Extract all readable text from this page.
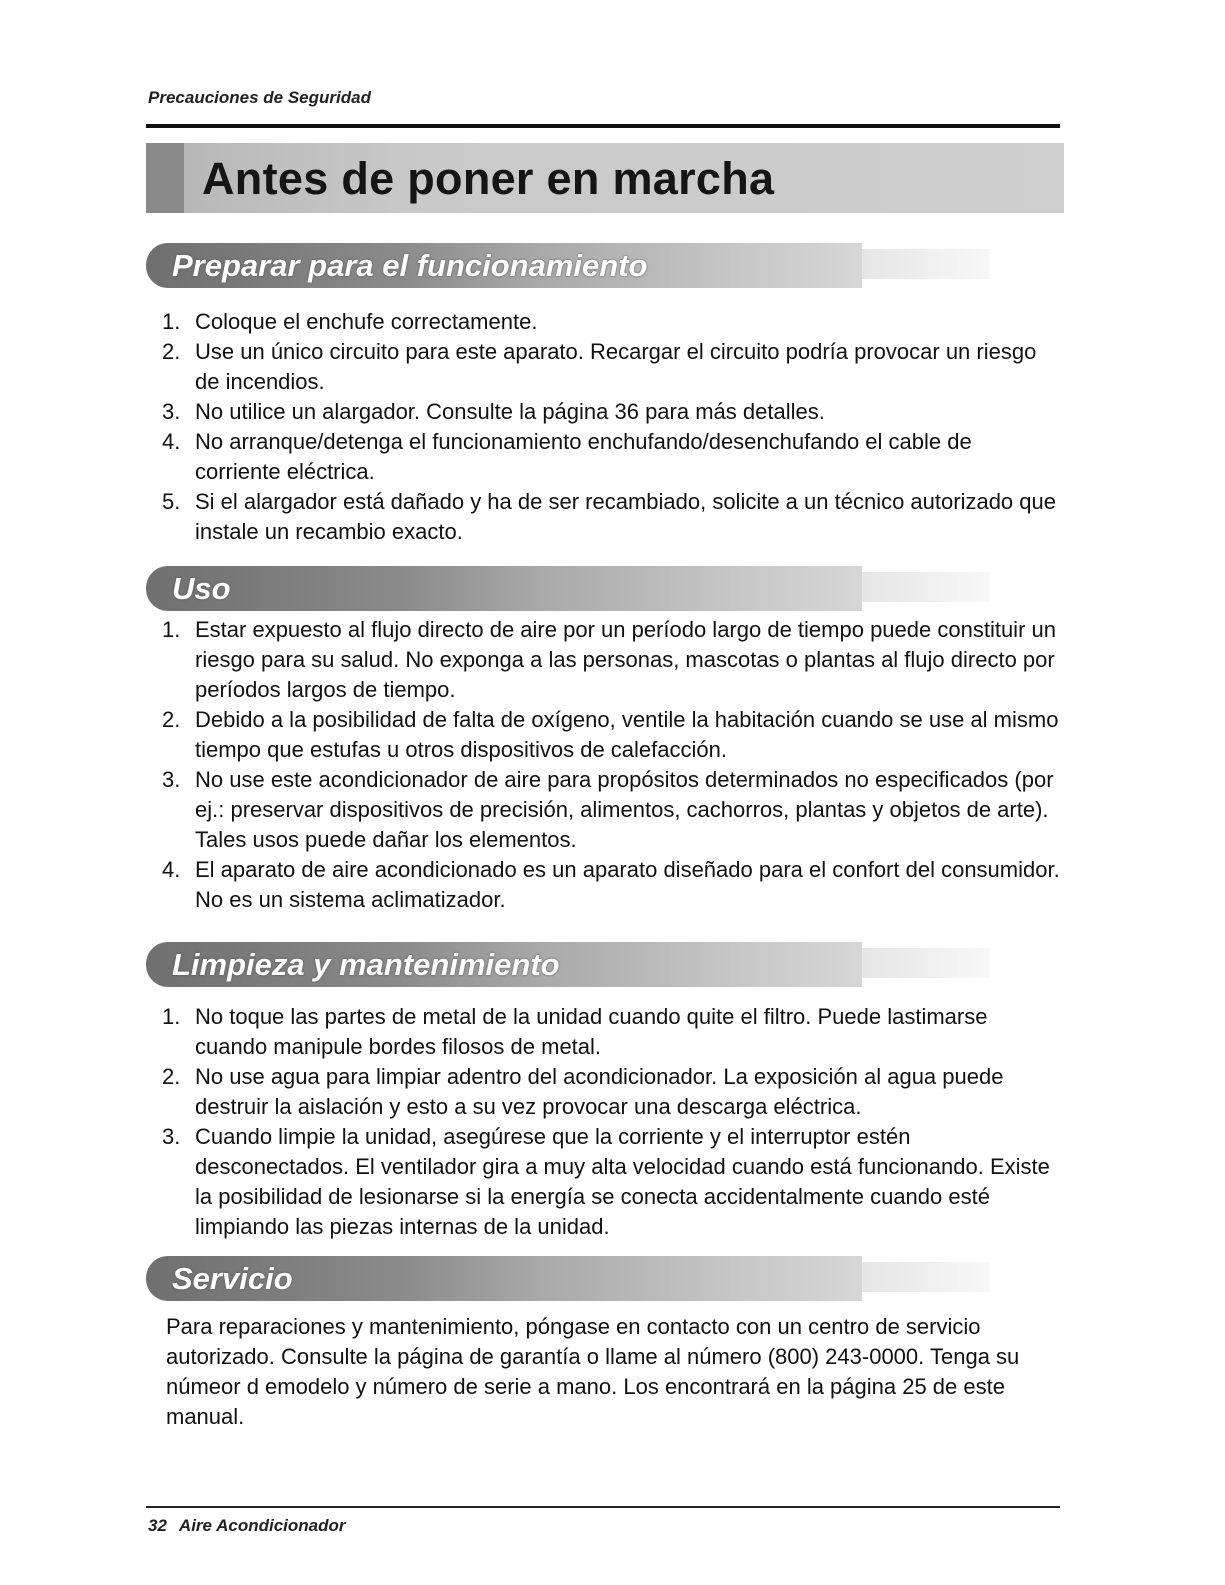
Precauciones de Seguridad
Antes de poner en marcha
Preparar para el funcionamiento
1. Coloque el enchufe correctamente.
2. Use un único circuito para este aparato. Recargar el circuito podría provocar un riesgo de incendios.
3. No utilice un alargador. Consulte la página 36 para más detalles.
4. No arranque/detenga el funcionamiento enchufando/desenchufando el cable de corriente eléctrica.
5. Si el alargador está dañado y ha de ser recambiado, solicite a un técnico autorizado que instale un recambio exacto.
Uso
1. Estar expuesto al flujo directo de aire por un período largo de tiempo puede constituir un riesgo para su salud. No exponga a las personas, mascotas o plantas al flujo directo por períodos largos de tiempo.
2. Debido a la posibilidad de falta de oxígeno, ventile la habitación cuando se use al mismo tiempo que estufas u otros dispositivos de calefacción.
3. No use este acondicionador de aire para propósitos determinados no especificados (por ej.: preservar dispositivos de precisión, alimentos, cachorros, plantas y objetos de arte). Tales usos puede dañar los elementos.
4. El aparato de aire acondicionado es un aparato diseñado para el confort del consumidor. No es un sistema aclimatizador.
Limpieza y mantenimiento
1. No toque las partes de metal de la unidad cuando quite el filtro. Puede lastimarse cuando manipule bordes filosos de metal.
2. No use agua para limpiar adentro del acondicionador. La exposición al agua puede destruir la aislación y esto a su vez provocar una descarga eléctrica.
3. Cuando limpie la unidad, asegúrese que la corriente y el interruptor estén desconectados. El ventilador gira a muy alta velocidad cuando está funcionando. Existe la posibilidad de lesionarse si la energía se conecta accidentalmente cuando esté limpiando las piezas internas de la unidad.
Servicio

Para reparaciones y mantenimiento, póngase en contacto con un centro de servicio autorizado. Consulte la página de garantía o llame al número (800) 243-0000. Tenga su númeor d emodelo y número de serie a mano. Los encontrará en la página 25 de este manual.

32 Aire Acondicionador
